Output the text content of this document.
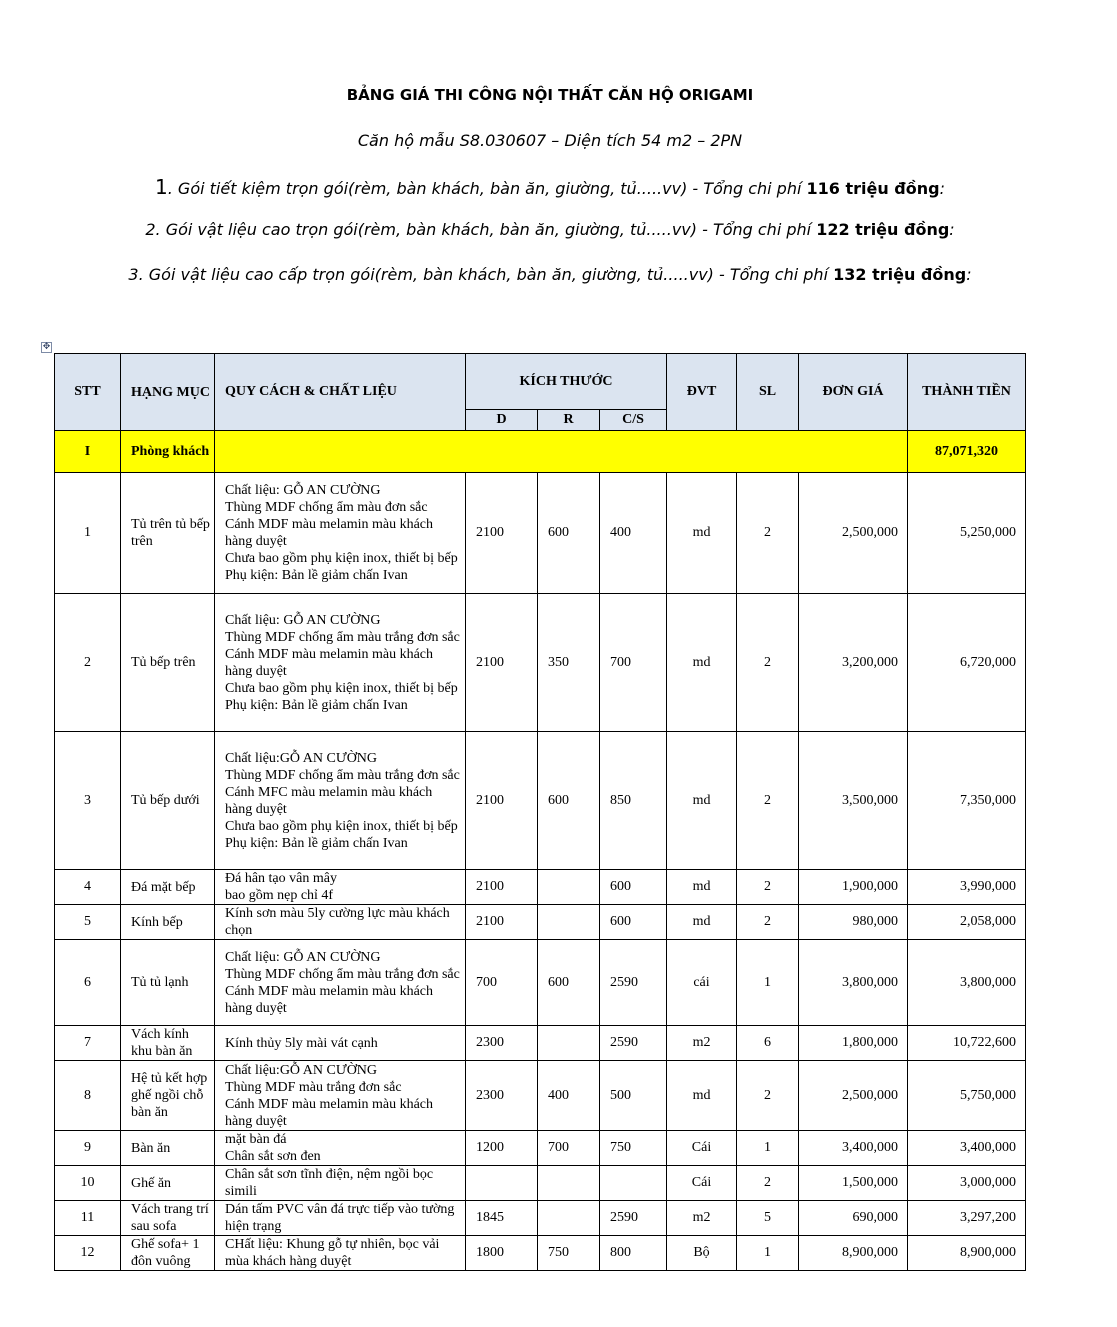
BẢNG GIÁ THI CÔNG NỘI THẤT CĂN HỘ ORIGAMI
Căn hộ mẫu S8.030607 – Diện tích 54 m2 – 2PN
1. Gói tiết kiệm trọn gói(rèm, bàn khách, bàn ăn, giường, tủ.....vv) - Tổng chi phí 116 triệu đồng:
2. Gói vật liệu cao trọn gói(rèm, bàn khách, bàn ăn, giường, tủ.....vv) - Tổng chi phí 122 triệu đồng:
3. Gói vật liệu cao cấp trọn gói(rèm, bàn khách, bàn ăn, giường, tủ.....vv) - Tổng chi phí 132 triệu đồng:
✥
STT	HẠNG MỤC	QUY CÁCH & CHẤT LIỆU	KÍCH THƯỚC			ĐVT	SL	ĐƠN GIÁ	THÀNH TIỀN
			D	R	C/S				
I	Phòng khách								87,071,320
1	Tủ trên tủ bếp trên	Chất liệu: GỖ AN CƯỜNG
Thùng MDF chống ẩm màu đơn sắc
Cánh MDF màu melamin màu khách hàng duyệt
Chưa bao gồm phụ kiện inox, thiết bị bếp
Phụ kiện: Bản lề giảm chấn Ivan	2100	600	400	md	2	2,500,000	5,250,000
2	Tủ bếp trên	Chất liệu: GỖ AN CƯỜNG
Thùng MDF chống ẩm màu trắng đơn sắc
Cánh MDF màu melamin màu khách hàng duyệt
Chưa bao gồm phụ kiện inox, thiết bị bếp
Phụ kiện: Bản lề giảm chấn Ivan	2100	350	700	md	2	3,200,000	6,720,000
3	Tủ bếp dưới	Chất liệu:GỖ AN CƯỜNG
Thùng MDF chống ẩm màu trắng đơn sắc
Cánh MFC màu melamin màu khách hàng duyệt
Chưa bao gồm phụ kiện inox, thiết bị bếp
Phụ kiện: Bản lề giảm chấn Ivan	2100	600	850	md	2	3,500,000	7,350,000
4	Đá mặt bếp	Đá hân tạo vân mây
bao gồm nẹp chỉ 4f	2100		600	md	2	1,900,000	3,990,000
5	Kính bếp	Kính sơn màu 5ly cường lực màu khách chọn	2100		600	md	2	980,000	2,058,000
6	Tủ tủ lạnh	Chất liệu: GỖ AN CƯỜNG
Thùng MDF chống ẩm màu trắng đơn sắc
Cánh MDF màu melamin màu khách hàng duyệt	700	600	2590	cái	1	3,800,000	3,800,000
7	Vách kính khu bàn ăn	Kính thủy 5ly mài vát cạnh	2300		2590	m2	6	1,800,000	10,722,600
8	Hệ tủ kết hợp ghế ngồi chỗ bàn ăn	Chất liệu:GỖ AN CƯỜNG
Thùng MDF màu trắng đơn sắc
Cánh MDF màu melamin màu khách hàng duyệt	2300	400	500	md	2	2,500,000	5,750,000
9	Bàn ăn	mặt bàn đá
Chân sắt sơn đen	1200	700	750	Cái	1	3,400,000	3,400,000
10	Ghế ăn	Chân sắt sơn tĩnh điện, nệm ngồi bọc simili				Cái	2	1,500,000	3,000,000
11	Vách trang trí sau sofa	Dán tấm PVC vân đá trực tiếp vào tường hiện trạng	1845		2590	m2	5	690,000	3,297,200
12	Ghế sofa+ 1 đôn vuông	CHất liệu: Khung gỗ tự nhiên, bọc vải mùa khách hàng duyệt	1800	750	800	Bộ	1	8,900,000	8,900,000
